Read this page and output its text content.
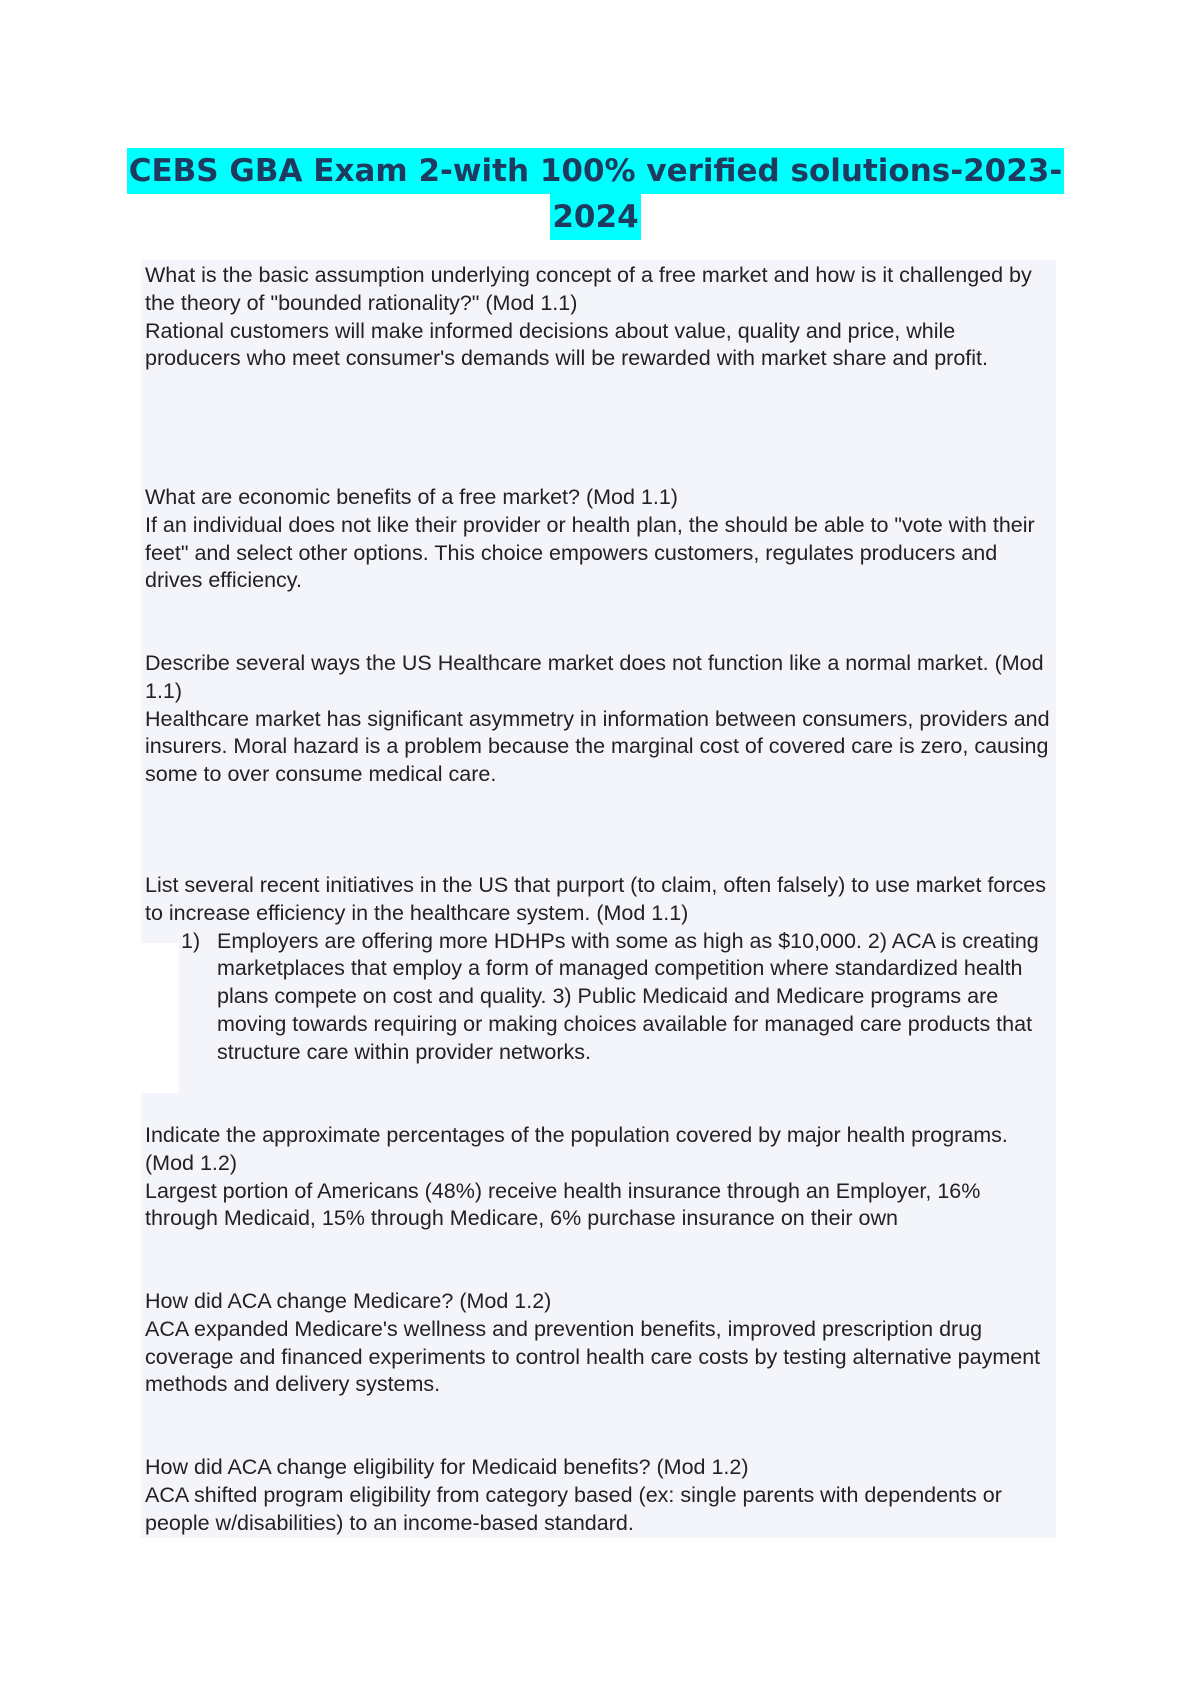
CEBS GBA Exam 2-with 100% verified solutions-2023-
2024

What is the basic assumption underlying concept of a free market and how is it challenged by the theory of "bounded rationality?" (Mod 1.1)

Rational customers will make informed decisions about value, quality and price, while producers who meet consumer's demands will be rewarded with market share and profit.

What are economic benefits of a free market? (Mod 1.1)

If an individual does not like their provider or health plan, the should be able to "vote with their feet" and select other options. This choice empowers customers, regulates producers and drives efficiency.

Describe several ways the US Healthcare market does not function like a normal market. (Mod 1.1)

Healthcare market has significant asymmetry in information between consumers, providers and insurers. Moral hazard is a problem because the marginal cost of covered care is zero, causing some to over consume medical care.

List several recent initiatives in the US that purport (to claim, often falsely) to use market forces to increase efficiency in the healthcare system. (Mod 1.1)

1) Employers are offering more HDHPs with some as high as $10,000. 2) ACA is creating marketplaces that employ a form of managed competition where standardized health plans compete on cost and quality. 3) Public Medicaid and Medicare programs are moving towards requiring or making choices available for managed care products that structure care within provider networks.

Indicate the approximate percentages of the population covered by major health programs. (Mod 1.2)

Largest portion of Americans (48%) receive health insurance through an Employer, 16% through Medicaid, 15% through Medicare, 6% purchase insurance on their own

How did ACA change Medicare? (Mod 1.2)

ACA expanded Medicare's wellness and prevention benefits, improved prescription drug coverage and financed experiments to control health care costs by testing alternative payment methods and delivery systems.

How did ACA change eligibility for Medicaid benefits? (Mod 1.2)

ACA shifted program eligibility from category based (ex: single parents with dependents or people w/disabilities) to an income-based standard.
